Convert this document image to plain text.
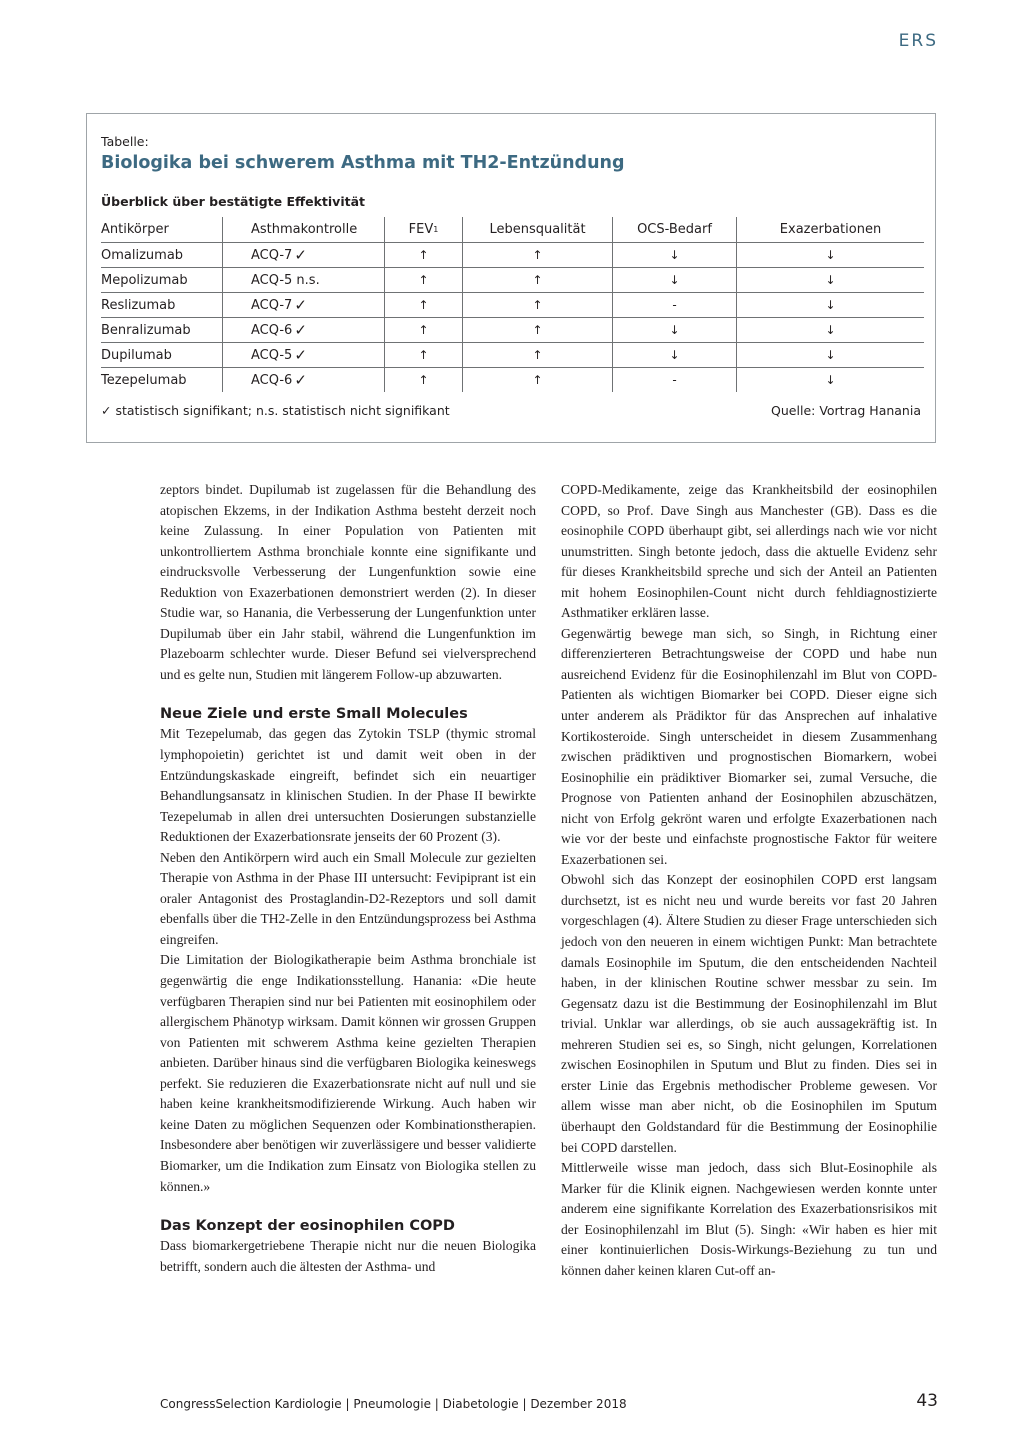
ERS
Tabelle:
Biologika bei schwerem Asthma mit TH2-Entzündung
Überblick über bestätigte Effektivität
Antikörper	Asthmakontrolle	FEV 1	Lebensqualität	OCS-Bedarf	Exazerbationen
Omalizumab	ACQ-7 ✓	↑	↑	↓	↓
Mepolizumab	ACQ-5 n.s.	↑	↑	↓	↓
Reslizumab	ACQ-7 ✓	↑	↑	-	↓
Benralizumab	ACQ-6 ✓	↑	↑	↓	↓
Dupilumab	ACQ-5 ✓	↑	↑	↓	↓
Tezepelumab	ACQ-6 ✓	↑	↑	-	↓
✓ statistisch signifikant; n.s. statistisch nicht signifikant	Quelle: Vortrag Hanania

zeptors bindet. Dupilumab ist zugelassen für die Behandlung des atopischen Ekzems, in der Indikation Asthma besteht derzeit noch keine Zulassung. In einer Population von Patienten mit unkontrolliertem Asthma bronchiale konnte eine signifikante und eindrucksvolle Verbesserung der Lungenfunktion sowie eine Reduktion von Exazerbationen demonstriert werden (2). In dieser Studie war, so Hanania, die Verbesserung der Lungenfunktion unter Dupilumab über ein Jahr stabil, während die Lungenfunktion im Plazeboarm schlechter wurde. Dieser Befund sei vielversprechend und es gelte nun, Studien mit längerem Follow-up abzuwarten.

Neue Ziele und erste Small Molecules

Mit Tezepelumab, das gegen das Zytokin TSLP (thymic stromal lymphopoietin) gerichtet ist und damit weit oben in der Entzündungskaskade eingreift, befindet sich ein neuartiger Behandlungsansatz in klinischen Studien. In der Phase II bewirkte Tezepelumab in allen drei untersuchten Dosierungen substanzielle Reduktionen der Exazerbationsrate jenseits der 60 Prozent (3).

Neben den Antikörpern wird auch ein Small Molecule zur gezielten Therapie von Asthma in der Phase III untersucht: Fevipiprant ist ein oraler Antagonist des Prostaglandin-D2-Rezeptors und soll damit ebenfalls über die TH2-Zelle in den Entzündungsprozess bei Asthma eingreifen.

Die Limitation der Biologikatherapie beim Asthma bronchiale ist gegenwärtig die enge Indikationsstellung. Hanania: «Die heute verfügbaren Therapien sind nur bei Patienten mit eosinophilem oder allergischem Phänotyp wirksam. Damit können wir grossen Gruppen von Patienten mit schwerem Asthma keine gezielten Therapien anbieten. Darüber hinaus sind die verfügbaren Biologika keineswegs perfekt. Sie reduzieren die Exazerbationsrate nicht auf null und sie haben keine krankheitsmodifizierende Wirkung. Auch haben wir keine Daten zu möglichen Sequenzen oder Kombinationstherapien. Insbesondere aber benötigen wir zuverlässigere und besser validierte Biomarker, um die Indikation zum Einsatz von Biologika stellen zu können.»

Das Konzept der eosinophilen COPD

Dass biomarkergetriebene Therapie nicht nur die neuen Biologika betrifft, sondern auch die ältesten der Asthma- und

COPD-Medikamente, zeige das Krankheitsbild der eosinophilen COPD, so Prof. Dave Singh aus Manchester (GB). Dass es die eosinophile COPD überhaupt gibt, sei allerdings nach wie vor nicht unumstritten. Singh betonte jedoch, dass die aktuelle Evidenz sehr für dieses Krankheitsbild spreche und sich der Anteil an Patienten mit hohem Eosinophilen-Count nicht durch fehldiagnostizierte Asthmatiker erklären lasse.

Gegenwärtig bewege man sich, so Singh, in Richtung einer differenzierteren Betrachtungsweise der COPD und habe nun ausreichend Evidenz für die Eosinophilenzahl im Blut von COPD-Patienten als wichtigen Biomarker bei COPD. Dieser eigne sich unter anderem als Prädiktor für das Ansprechen auf inhalative Kortikosteroide. Singh unterscheidet in diesem Zusammenhang zwischen prädiktiven und prognostischen Biomarkern, wobei Eosinophilie ein prädiktiver Biomarker sei, zumal Versuche, die Prognose von Patienten anhand der Eosinophilen abzuschätzen, nicht von Erfolg gekrönt waren und erfolgte Exazerbationen nach wie vor der beste und einfachste prognostische Faktor für weitere Exazerbationen sei.

Obwohl sich das Konzept der eosinophilen COPD erst langsam durchsetzt, ist es nicht neu und wurde bereits vor fast 20 Jahren vorgeschlagen (4). Ältere Studien zu dieser Frage unterschieden sich jedoch von den neueren in einem wichtigen Punkt: Man betrachtete damals Eosinophile im Sputum, die den entscheidenden Nachteil haben, in der klinischen Routine schwer messbar zu sein. Im Gegensatz dazu ist die Bestimmung der Eosinophilenzahl im Blut trivial. Unklar war allerdings, ob sie auch aussagekräftig ist. In mehreren Studien sei es, so Singh, nicht gelungen, Korrelationen zwischen Eosinophilen in Sputum und Blut zu finden. Dies sei in erster Linie das Ergebnis methodischer Probleme gewesen. Vor allem wisse man aber nicht, ob die Eosinophilen im Sputum überhaupt den Goldstandard für die Bestimmung der Eosinophilie bei COPD darstellen.

Mittlerweile wisse man jedoch, dass sich Blut-Eosinophile als Marker für die Klinik eignen. Nachgewiesen werden konnte unter anderem eine signifikante Korrelation des Exazerbationsrisikos mit der Eosinophilenzahl im Blut (5). Singh: «Wir haben es hier mit einer kontinuierlichen Dosis-Wirkungs-Beziehung zu tun und können daher keinen klaren Cut-off an-

CongressSelection Kardiologie | Pneumologie | Diabetologie | Dezember 2018	43
